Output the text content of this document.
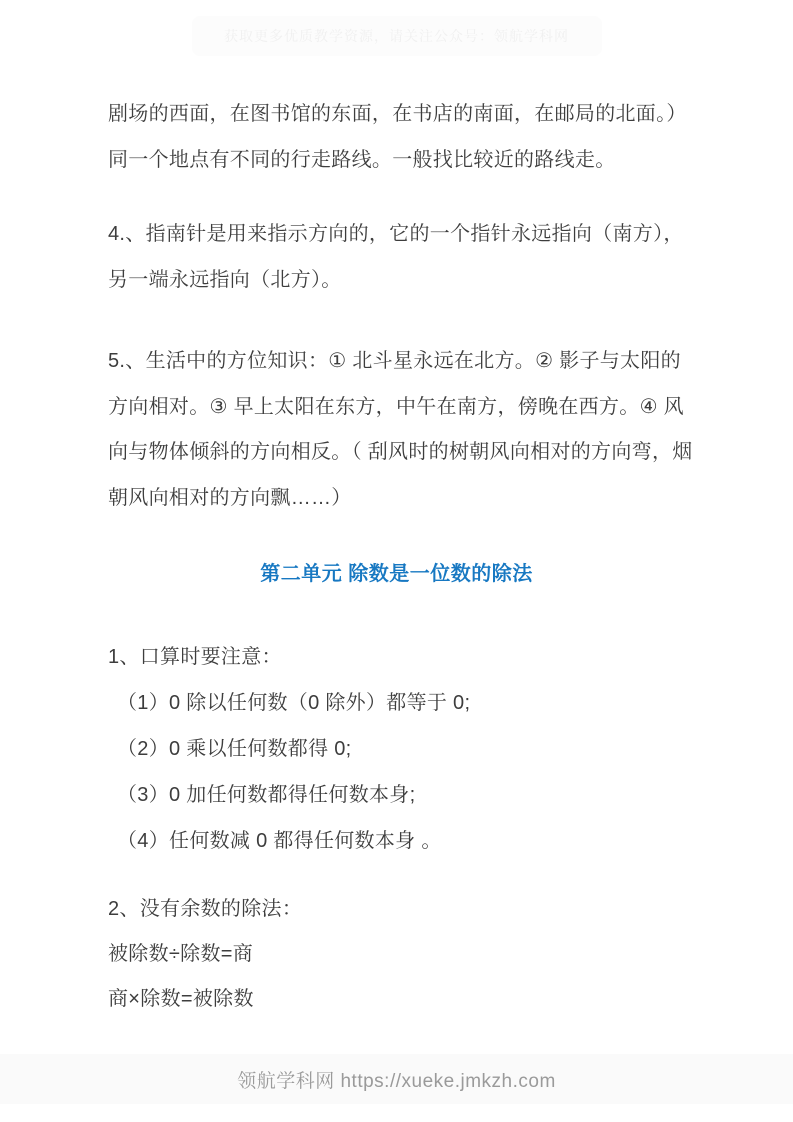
获取更多优质教学资源，请关注公众号：领航学科网
剧场的西面，在图书馆的东面，在书店的南面，在邮局的北面。）
同一个地点有不同的行走路线。一般找比较近的路线走。
4.、指南针是用来指示方向的，它的一个指针永远指向（南方），
另一端永远指向（北方）。
5.、生活中的方位知识：① 北斗星永远在北方。② 影子与太阳的
方向相对。③ 早上太阳在东方，中午在南方，傍晚在西方。④ 风
向与物体倾斜的方向相反。（ 刮风时的树朝风向相对的方向弯，烟
朝风向相对的方向飘……）
第二单元 除数是一位数的除法
1、口算时要注意：
（1）0 除以任何数（0 除外）都等于 0;
（2）0 乘以任何数都得 0;
（3）0 加任何数都得任何数本身;
（4）任何数减 0 都得任何数本身 。
2、没有余数的除法：
被除数÷除数=商
商×除数=被除数
领航学科网 https://xueke.jmkzh.com
